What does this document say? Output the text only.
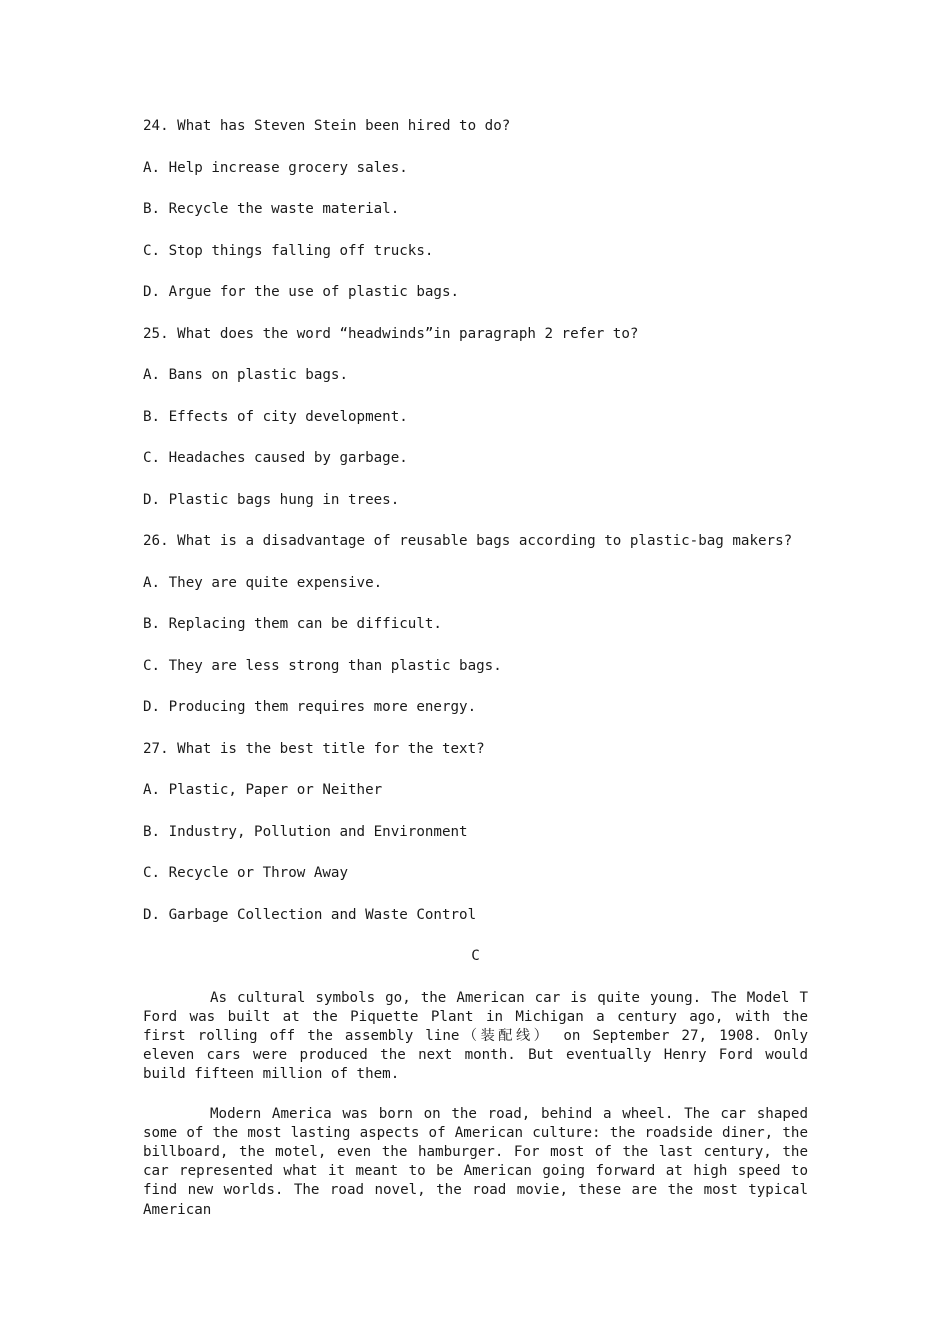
24. What has Steven Stein been hired to do?
A. Help increase grocery sales.
B. Recycle the waste material.
C. Stop things falling off trucks.
D. Argue for the use of plastic bags.
25. What does the word “headwinds”in paragraph 2 refer to?
A. Bans on plastic bags.
B. Effects of city development.
C. Headaches caused by garbage.
D. Plastic bags hung in trees.
26. What is a disadvantage of reusable bags according to plastic-bag makers?
A. They are quite expensive.
B. Replacing them can be difficult.
C. They are less strong than plastic bags.
D. Producing them requires more energy.
27. What is the best title for the text?
A. Plastic, Paper or Neither
B. Industry, Pollution and Environment
C. Recycle or Throw Away
D. Garbage Collection and Waste Control
C

As cultural symbols go, the American car is quite young. The Model T Ford was built at the Piquette Plant in Michigan a century ago, with the first rolling off the assembly line（装配线） on September 27, 1908. Only eleven cars were produced the next month. But eventually Henry Ford would build fifteen million of them.

Modern America was born on the road, behind a wheel. The car shaped some of the most lasting aspects of American culture: the roadside diner, the billboard, the motel, even the hamburger. For most of the last century, the car represented what it meant to be American going forward at high speed to find new worlds. The road novel, the road movie, these are the most typical American
